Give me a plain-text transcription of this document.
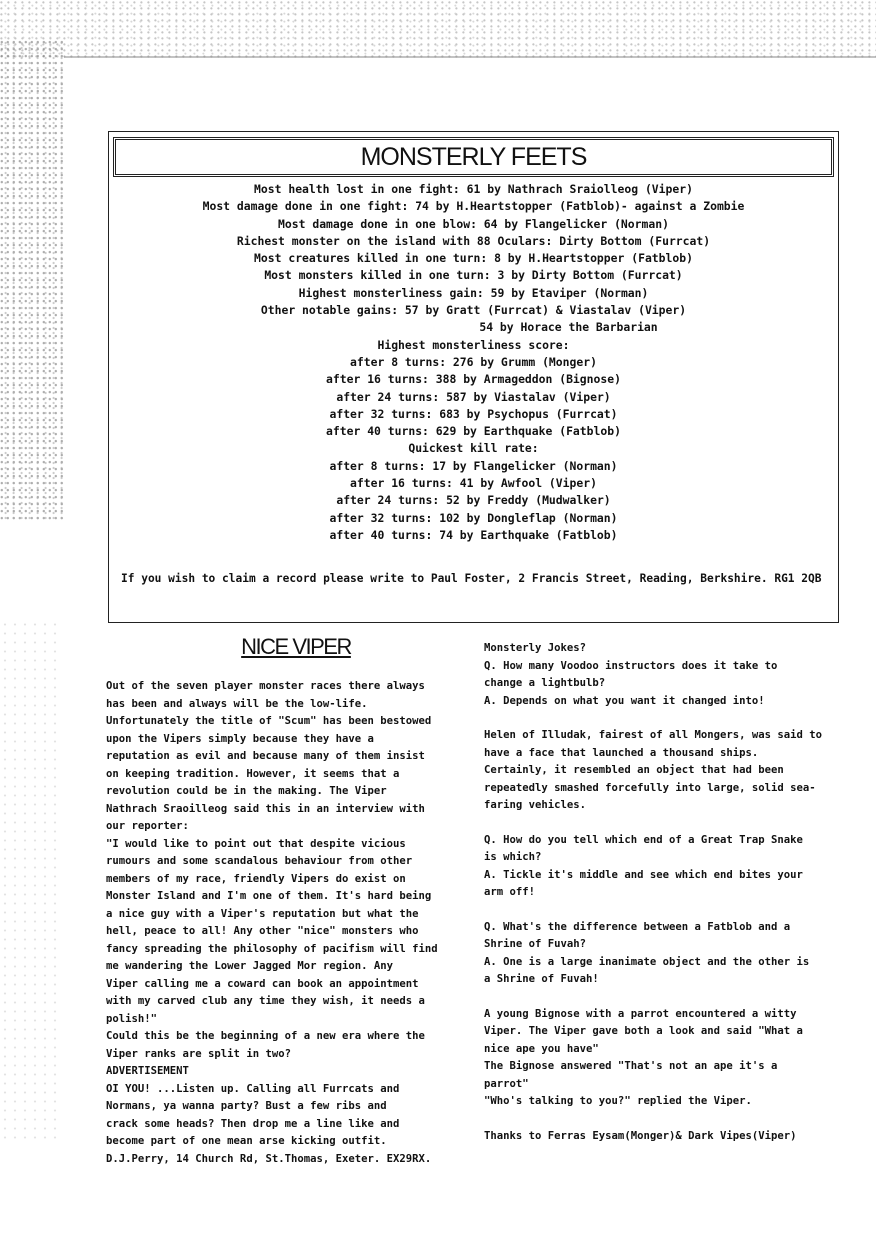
MONSTERLY FEETS
Most health lost in one fight: 61 by Nathrach Sraiolleog (Viper)
Most damage done in one fight: 74 by H.Heartstopper (Fatblob)- against a Zombie
Most damage done in one blow: 64 by Flangelicker (Norman)
Richest monster on the island with 88 Oculars: Dirty Bottom (Furrcat)
Most creatures killed in one turn: 8 by H.Heartstopper (Fatblob)
Most monsters killed in one turn: 3 by Dirty Bottom (Furrcat)
Highest monsterliness gain: 59 by Etaviper (Norman)
Other notable gains: 57 by Gratt (Furrcat) & Viastalav (Viper)
54 by Horace the Barbarian
Highest monsterliness score:
after 8 turns: 276 by Grumm (Monger)
after 16 turns: 388 by Armageddon (Bignose)
after 24 turns: 587 by Viastalav (Viper)
after 32 turns: 683 by Psychopus (Furrcat)
after 40 turns: 629 by Earthquake (Fatblob)
Quickest kill rate:
after 8 turns: 17 by Flangelicker (Norman)
after 16 turns: 41 by Awfool (Viper)
after 24 turns: 52 by Freddy (Mudwalker)
after 32 turns: 102 by Dongleflap (Norman)
after 40 turns: 74 by Earthquake (Fatblob)
If you wish to claim a record please write to Paul Foster, 2 Francis Street, Reading, Berkshire. RG1 2QB
NICE VIPER

Out of the seven player monster races there always

has been and always will be the low-life.

Unfortunately the title of "Scum" has been bestowed

upon the Vipers simply because they have a

reputation as evil and because many of them insist

on keeping tradition. However, it seems that a

revolution could be in the making. The Viper

Nathrach Sraoilleog said this in an interview with

our reporter:

"I would like to point out that despite vicious

rumours and some scandalous behaviour from other

members of my race, friendly Vipers do exist on

Monster Island and I'm one of them. It's hard being

a nice guy with a Viper's reputation but what the

hell, peace to all! Any other "nice" monsters who

fancy spreading the philosophy of pacifism will find

me wandering the Lower Jagged Mor region. Any

Viper calling me a coward can book an appointment

with my carved club any time they wish, it needs a

polish!"

Could this be the beginning of a new era where the

Viper ranks are split in two?

ADVERTISEMENT

OI YOU! ...Listen up. Calling all Furrcats and

Normans, ya wanna party? Bust a few ribs and

crack some heads? Then drop me a line like and

become part of one mean arse kicking outfit.

D.J.Perry, 14 Church Rd, St.Thomas, Exeter. EX29RX.

Monsterly Jokes?

Q. How many Voodoo instructors does it take to

change a lightbulb?

A. Depends on what you want it changed into!

Helen of Illudak, fairest of all Mongers, was said to

have a face that launched a thousand ships.

Certainly, it resembled an object that had been

repeatedly smashed forcefully into large, solid sea-

faring vehicles.

Q. How do you tell which end of a Great Trap Snake

is which?

A. Tickle it's middle and see which end bites your

arm off!

Q. What's the difference between a Fatblob and a

Shrine of Fuvah?

A. One is a large inanimate object and the other is

a Shrine of Fuvah!

A young Bignose with a parrot encountered a witty

Viper. The Viper gave both a look and said "What a

nice ape you have"

The Bignose answered "That's not an ape it's a

parrot"

"Who's talking to you?" replied the Viper.

Thanks to Ferras Eysam(Monger)& Dark Vipes(Viper)
